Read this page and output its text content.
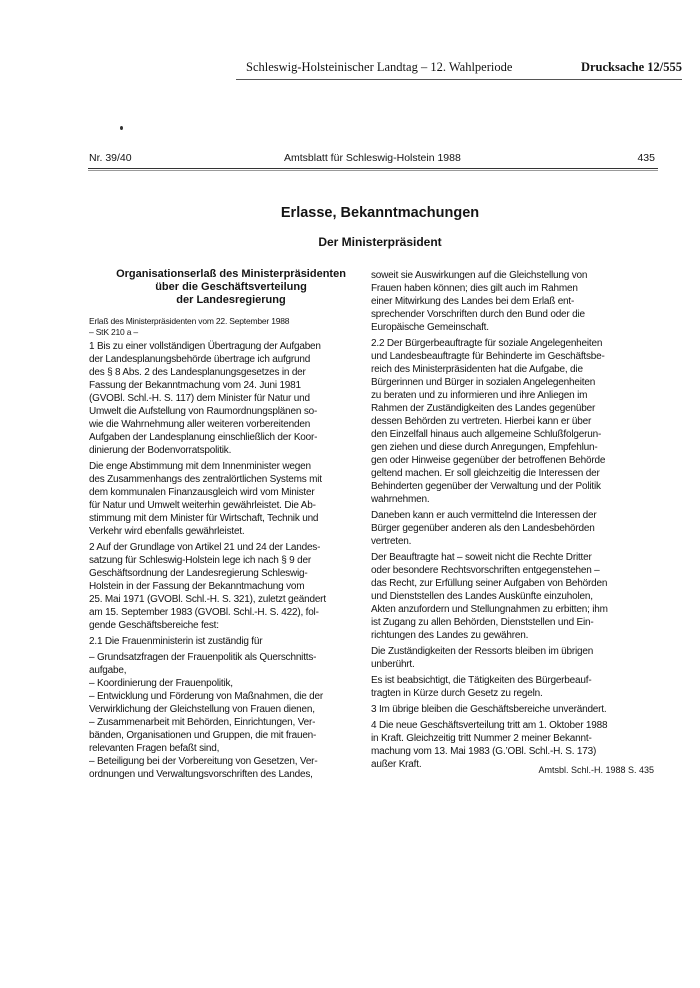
Schleswig-Holsteinischer Landtag – 12. Wahlperiode	Drucksache 12/555
Nr. 39/40	Amtsblatt für Schleswig-Holstein 1988	435
Erlasse, Bekanntmachungen
Der Ministerpräsident
Organisationserlaß des Ministerpräsidenten
über die Geschäftsverteilung
der Landesregierung
Erlaß des Ministerpräsidenten vom 22. September 1988
– StK 210 a –
1 Bis zu einer vollständigen Übertragung der Aufgaben
der Landesplanungsbehörde übertrage ich aufgrund
des § 8 Abs. 2 des Landesplanungsgesetzes in der
Fassung der Bekanntmachung vom 24. Juni 1981
(GVOBl. Schl.-H. S. 117) dem Minister für Natur und
Umwelt die Aufstellung von Raumordnungsplänen so-
wie die Wahrnehmung aller weiteren vorbereitenden
Aufgaben der Landesplanung einschließlich der Koor-
dinierung der Bodenvorratspolitik.
Die enge Abstimmung mit dem Innenminister wegen
des Zusammenhangs des zentralörtlichen Systems mit
dem kommunalen Finanzausgleich wird vom Minister
für Natur und Umwelt weiterhin gewährleistet. Die Ab-
stimmung mit dem Minister für Wirtschaft, Technik und
Verkehr wird ebenfalls gewährleistet.
2 Auf der Grundlage von Artikel 21 und 24 der Landes-
satzung für Schleswig-Holstein lege ich nach § 9 der
Geschäftsordnung der Landesregierung Schleswig-
Holstein in der Fassung der Bekanntmachung vom
25. Mai 1971 (GVOBl. Schl.-H. S. 321), zuletzt geändert
am 15. September 1983 (GVOBl. Schl.-H. S. 422), fol-
gende Geschäftsbereiche fest:
2.1 Die Frauenministerin ist zuständig für
– Grundsatzfragen der Frauenpolitik als Querschnitts-
aufgabe,
– Koordinierung der Frauenpolitik,
– Entwicklung und Förderung von Maßnahmen, die der
Verwirklichung der Gleichstellung von Frauen dienen,
– Zusammenarbeit mit Behörden, Einrichtungen, Ver-
bänden, Organisationen und Gruppen, die mit frauen-
relevanten Fragen befaßt sind,
– Beteiligung bei der Vorbereitung von Gesetzen, Ver-
ordnungen und Verwaltungsvorschriften des Landes,
soweit sie Auswirkungen auf die Gleichstellung von
Frauen haben können; dies gilt auch im Rahmen
einer Mitwirkung des Landes bei dem Erlaß ent-
sprechender Vorschriften durch den Bund oder die
Europäische Gemeinschaft.
2.2 Der Bürgerbeauftragte für soziale Angelegenheiten
und Landesbeauftragte für Behinderte im Geschäftsbe-
reich des Ministerpräsidenten hat die Aufgabe, die
Bürgerinnen und Bürger in sozialen Angelegenheiten
zu beraten und zu informieren und ihre Anliegen im
Rahmen der Zuständigkeiten des Landes gegenüber
dessen Behörden zu vertreten. Hierbei kann er über
den Einzelfall hinaus auch allgemeine Schlußfolgerun-
gen ziehen und diese durch Anregungen, Empfehlun-
gen oder Hinweise gegenüber der betroffenen Behörde
geltend machen. Er soll gleichzeitig die Interessen der
Behinderten gegenüber der Verwaltung und der Politik
wahrnehmen.
Daneben kann er auch vermittelnd die Interessen der
Bürger gegenüber anderen als den Landesbehörden
vertreten.
Der Beauftragte hat – soweit nicht die Rechte Dritter
oder besondere Rechtsvorschriften entgegenstehen –
das Recht, zur Erfüllung seiner Aufgaben von Behörden
und Dienststellen des Landes Auskünfte einzuholen,
Akten anzufordern und Stellungnahmen zu erbitten; ihm
ist Zugang zu allen Behörden, Dienststellen und Ein-
richtungen des Landes zu gewähren.
Die Zuständigkeiten der Ressorts bleiben im übrigen
unberührt.
Es ist beabsichtigt, die Tätigkeiten des Bürgerbeauf-
tragten in Kürze durch Gesetz zu regeln.
3 Im übrige bleiben die Geschäftsbereiche unverändert.
4 Die neue Geschäftsverteilung tritt am 1. Oktober 1988
in Kraft. Gleichzeitig tritt Nummer 2 meiner Bekannt-
machung vom 13. Mai 1983 (G.’OBl. Schl.-H. S. 173)
außer Kraft.	Amtsbl. Schl.-H. 1988 S. 435
